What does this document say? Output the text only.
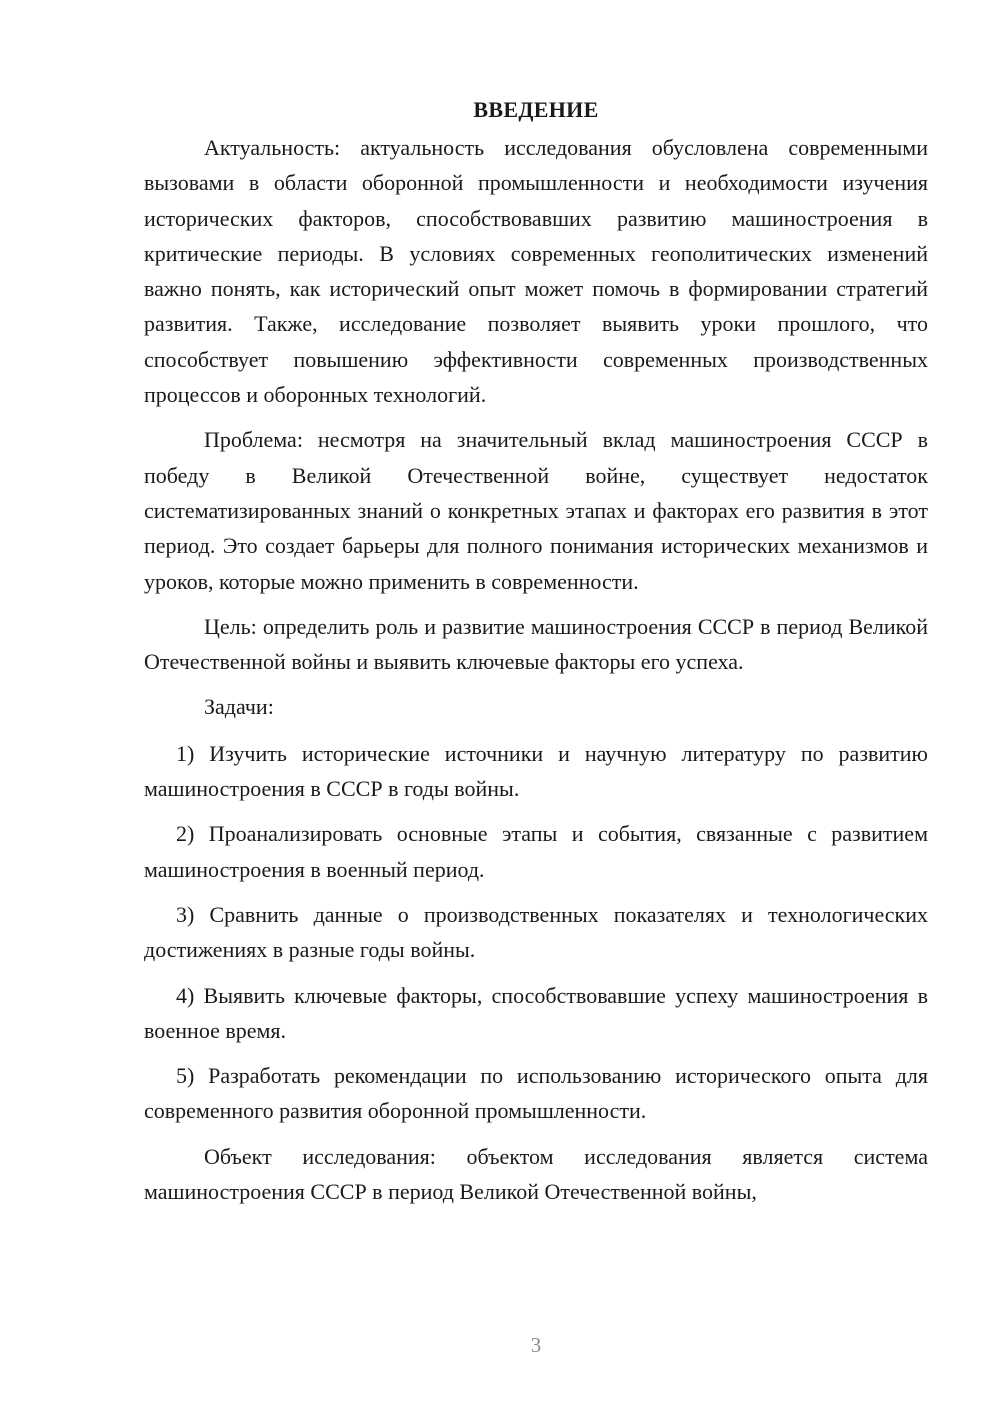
ВВЕДЕНИЕ

Актуальность: актуальность исследования обусловлена современными вызовами в области оборонной промышленности и необходимости изучения исторических факторов, способствовавших развитию машиностроения в критические периоды. В условиях современных геополитических изменений важно понять, как исторический опыт может помочь в формировании стратегий развития. Также, исследование позволяет выявить уроки прошлого, что способствует повышению эффективности современных производственных процессов и оборонных технологий.

Проблема: несмотря на значительный вклад машиностроения СССР в победу в Великой Отечественной войне, существует недостаток систематизированных знаний о конкретных этапах и факторах его развития в этот период. Это создает барьеры для полного понимания исторических механизмов и уроков, которые можно применить в современности.

Цель: определить роль и развитие машиностроения СССР в период Великой Отечественной войны и выявить ключевые факторы его успеха.

Задачи:

1) Изучить исторические источники и научную литературу по развитию машиностроения в СССР в годы войны.

2) Проанализировать основные этапы и события, связанные с развитием машиностроения в военный период.

3) Сравнить данные о производственных показателях и технологических достижениях в разные годы войны.

4) Выявить ключевые факторы, способствовавшие успеху машиностроения в военное время.

5) Разработать рекомендации по использованию исторического опыта для современного развития оборонной промышленности.

Объект исследования: объектом исследования является система машиностроения СССР в период Великой Отечественной войны,

3
